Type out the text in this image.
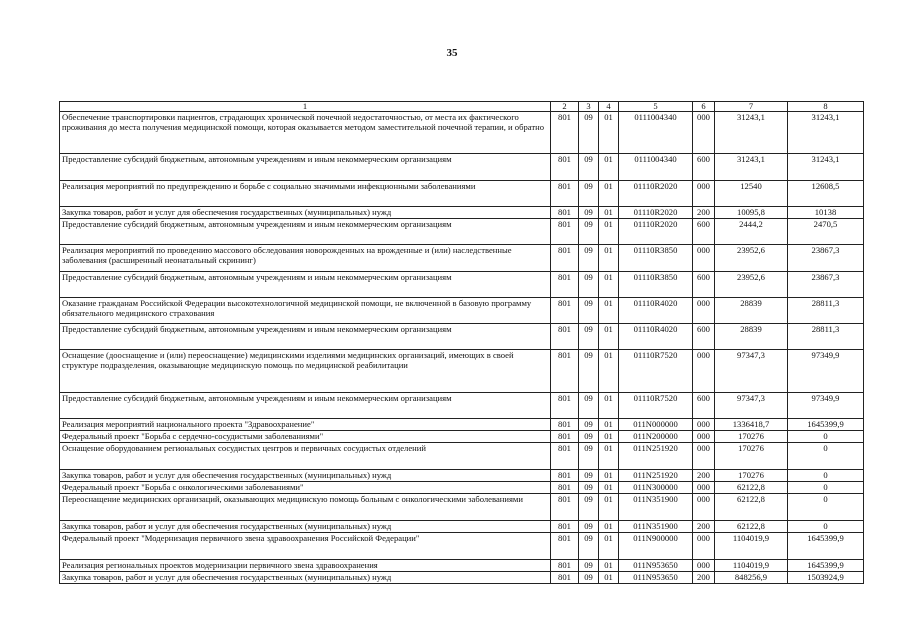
35
1	2	3	4	5	6	7	8
Обеспечение транспортировки пациентов, страдающих хронической почечной недостаточностью, от места их фактического проживания до места получения медицинской помощи, которая оказывается методом заместительной почечной терапии, и обратно	801	09	01	0111004340	000	31243,1	31243,1
Предоставление субсидий бюджетным, автономным учреждениям и иным некоммерческим организациям	801	09	01	0111004340	600	31243,1	31243,1
Реализация мероприятий по предупреждению и борьбе с социально значимыми инфекционными заболеваниями	801	09	01	01110R2020	000	12540	12608,5
Закупка товаров, работ и услуг для обеспечения государственных (муниципальных) нужд	801	09	01	01110R2020	200	10095,8	10138
Предоставление субсидий бюджетным, автономным учреждениям и иным некоммерческим организациям	801	09	01	01110R2020	600	2444,2	2470,5
Реализация мероприятий по проведению массового обследования новорожденных на врожденные и (или) наследственные заболевания (расширенный неонатальный скрининг)	801	09	01	01110R3850	000	23952,6	23867,3
Предоставление субсидий бюджетным, автономным учреждениям и иным некоммерческим организациям	801	09	01	01110R3850	600	23952,6	23867,3
Оказание гражданам Российской Федерации высокотехнологичной медицинской помощи, не включенной в базовую программу обязательного медицинского страхования	801	09	01	01110R4020	000	28839	28811,3
Предоставление субсидий бюджетным, автономным учреждениям и иным некоммерческим организациям	801	09	01	01110R4020	600	28839	28811,3
Оснащение (дооснащение и (или) переоснащение) медицинскими изделиями медицинских организаций, имеющих в своей структуре подразделения, оказывающие медицинскую помощь по медицинской реабилитации	801	09	01	01110R7520	000	97347,3	97349,9
Предоставление субсидий бюджетным, автономным учреждениям и иным некоммерческим организациям	801	09	01	01110R7520	600	97347,3	97349,9
Реализация мероприятий национального проекта "Здравоохранение"	801	09	01	011N000000	000	1336418,7	1645399,9
Федеральный проект "Борьба с сердечно-сосудистыми заболеваниями"	801	09	01	011N200000	000	170276	0
Оснащение оборудованием региональных сосудистых центров и первичных сосудистых отделений	801	09	01	011N251920	000	170276	0
Закупка товаров, работ и услуг для обеспечения государственных (муниципальных) нужд	801	09	01	011N251920	200	170276	0
Федеральный проект "Борьба с онкологическими заболеваниями"	801	09	01	011N300000	000	62122,8	0
Переоснащение медицинских организаций, оказывающих медицинскую помощь больным с онкологическими заболеваниями	801	09	01	011N351900	000	62122,8	0
Закупка товаров, работ и услуг для обеспечения государственных (муниципальных) нужд	801	09	01	011N351900	200	62122,8	0
Федеральный проект "Модернизация первичного звена здравоохранения Российской Федерации"	801	09	01	011N900000	000	1104019,9	1645399,9
Реализация региональных проектов модернизации первичного звена здравоохранения	801	09	01	011N953650	000	1104019,9	1645399,9
Закупка товаров, работ и услуг для обеспечения государственных (муниципальных) нужд	801	09	01	011N953650	200	848256,9	1503924,9
